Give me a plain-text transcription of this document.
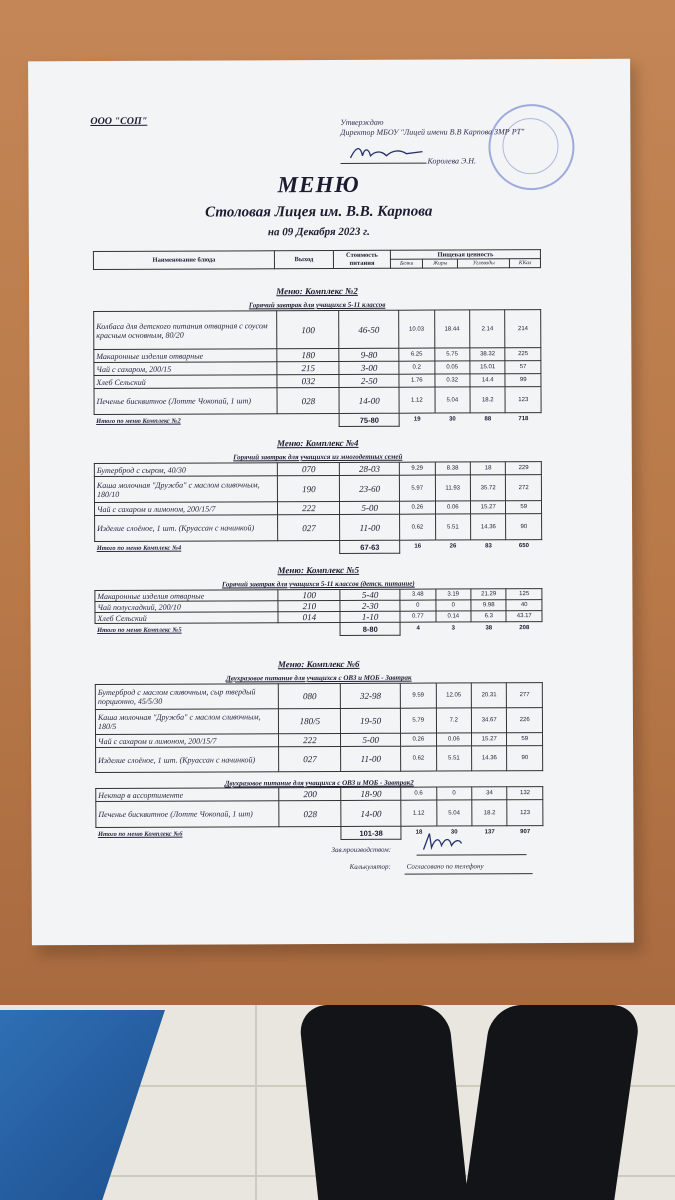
ООО "СОП"	Утверждаю
Директор МБОУ "Лицей имени В.В Карпова ЗМР РТ"
Королева Э.Н.
МЕНЮ
Столовая Лицея им. В.В. Карпова
на 09 Декабря 2023 г.
Наименование блюда	Выход	Стоимость питания	Пищевая ценность			
			Белки	Жиры	Углеводы	ККал
Меню: Комплекс №2
Горячий завтрак для учащихся 5-11 классов
Колбаса для детского питания отварная с соусом красным основным, 80/20	100	46-50	10.03	18.44	2.14	214
Макаронные изделия отварные	180	9-80	6.25	5.75	38.32	225
Чай с сахаром, 200/15	215	3-00	0.2	0.05	15.01	57
Хлеб Сельский	032	2-50	1.76	0.32	14.4	99
Печенье бисквитное (Лотте Чокопай, 1 шт)	028	14-00	1.12	5.04	18.2	123
Итого по меню Комплекс №2		75-80	19	30	88	718
Меню: Комплекс №4
Горячий завтрак для учащихся из многодетных семей
Бутерброд с сыром, 40/30	070	28-03	9.29	8.38	18	229
Каша молочная "Дружба" с маслом сливочным, 180/10	190	23-60	5.97	11.93	35.72	272
Чай с сахаром и лимоном, 200/15/7	222	5-00	0.26	0.06	15.27	59
Изделие слоёное, 1 шт. (Круассан с начинкой)	027	11-00	0.62	5.51	14.36	90
Итого по меню Комплекс №4		67-63	16	26	83	650
Меню: Комплекс №5
Горячий завтрак для учащихся 5-11 классов (детск. питание)
Макаронные изделия отварные	100	5-40	3.48	3.19	21.29	125
Чай полусладкий, 200/10	210	2-30	0	0	9.98	40
Хлеб Сельский	014	1-10	0.77	0.14	6.3	43.17
Итого по меню Комплекс №5		8-80	4	3	38	208
Меню: Комплекс №6
Двухразовое питание для учащихся с ОВЗ и МОБ - Завтрак
Бутерброд с маслом сливочным, сыр твердый порционно, 45/5/30	080	32-98	9.59	12.05	20.31	277
Каша молочная "Дружба" с маслом сливочным, 180/5	180/5	19-50	5.79	7.2	34.67	226
Чай с сахаром и лимоном, 200/15/7	222	5-00	0.26	0.06	15.27	59
Изделие слоёное, 1 шт. (Круассан с начинкой)	027	11-00	0.62	5.51	14.36	90
Двухразовое питание для учащихся с ОВЗ и МОБ - Завтрак2
Нектар в ассортименте	200	18-90	0.6	0	34	132
Печенье бисквитное (Лотте Чокопай, 1 шт)	028	14-00	1.12	5.04	18.2	123
Итого по меню Комплекс №6		101-38	18	30	137	907
Зав.производством:
Калькулятор: Согласовано по телефону
